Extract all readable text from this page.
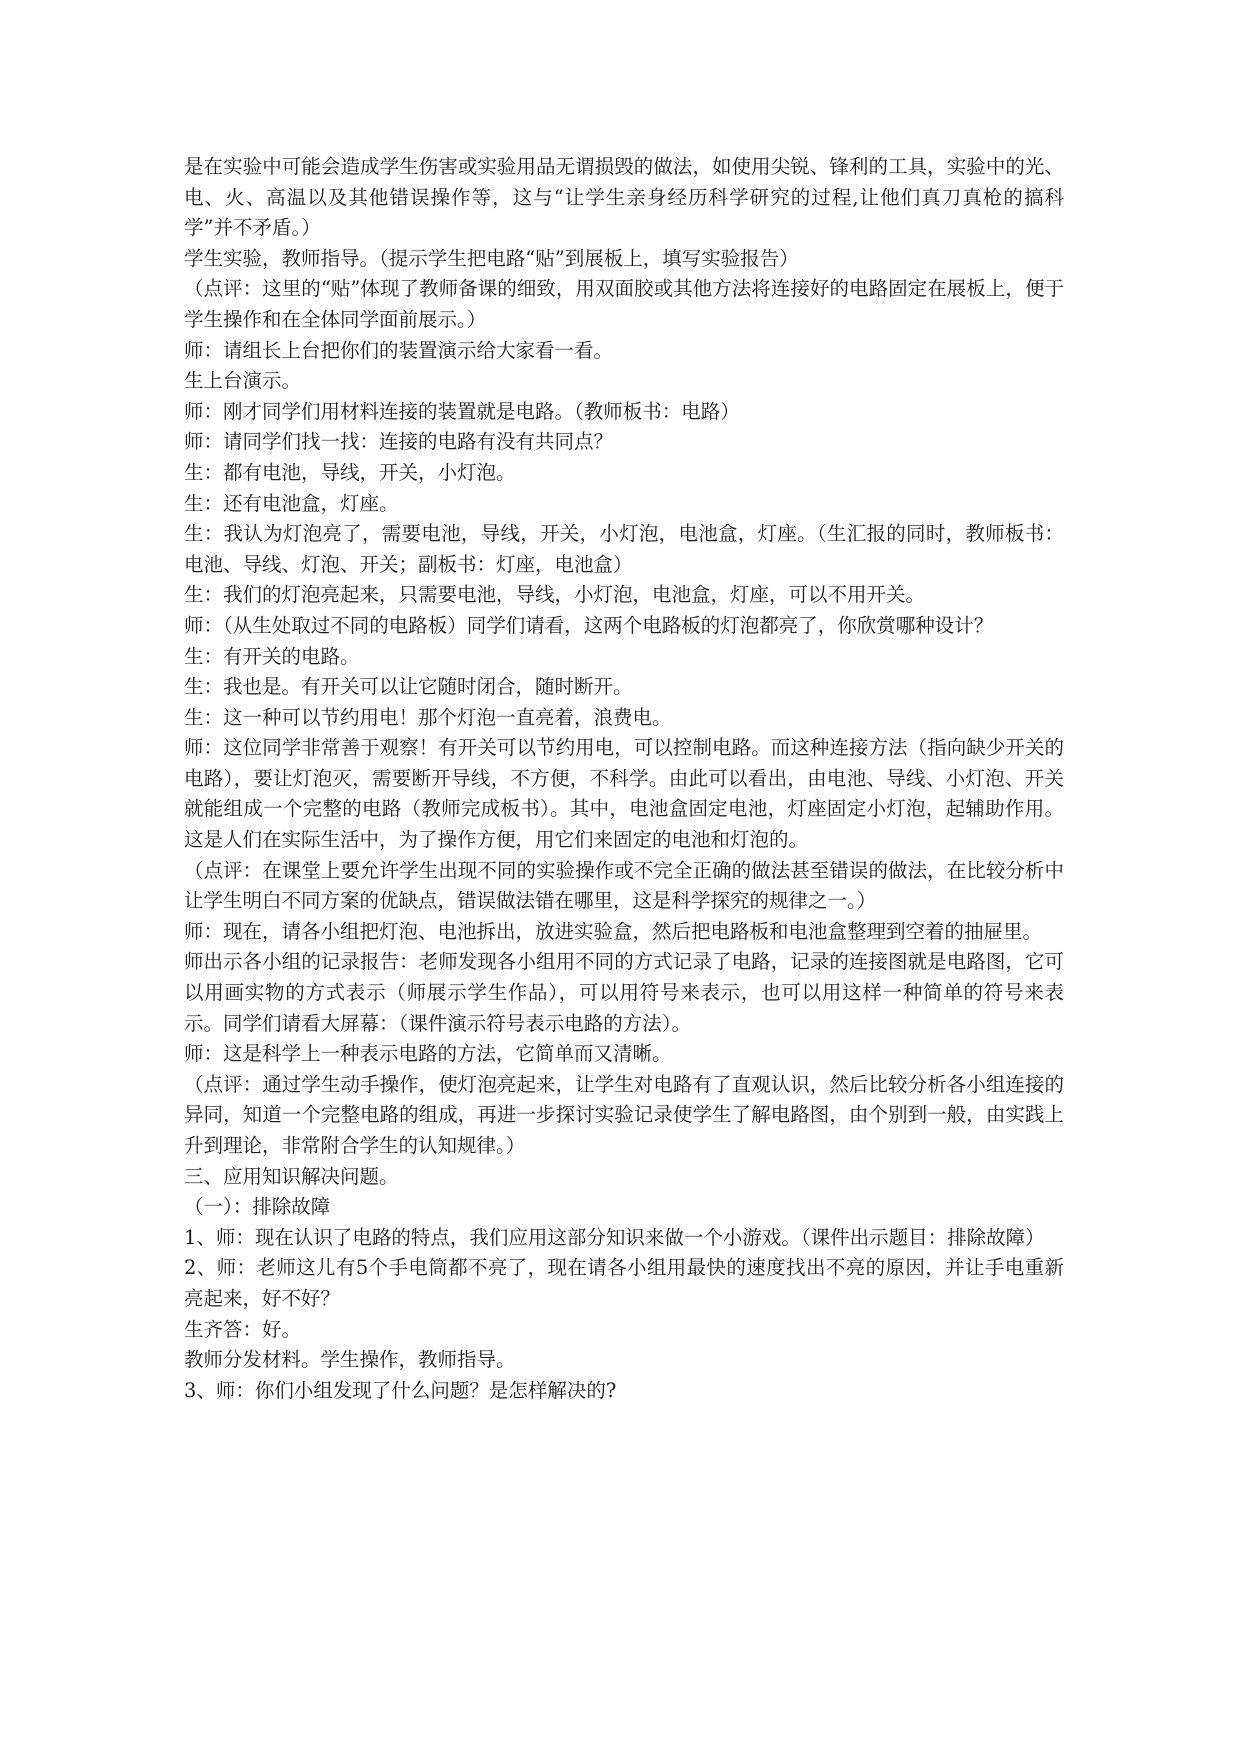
是在实验中可能会造成学生伤害或实验用品无谓损毁的做法，如使用尖锐、锋利的工具，实验中的光、电、火、高温以及其他错误操作等，这与“让学生亲身经历科学研究的过程,让他们真刀真枪的搞科学”并不矛盾。）

学生实验，教师指导。（提示学生把电路“贴”到展板上，填写实验报告）

（点评：这里的“贴”体现了教师备课的细致，用双面胶或其他方法将连接好的电路固定在展板上，便于学生操作和在全体同学面前展示。）

师：请组长上台把你们的装置演示给大家看一看。

生上台演示。

师：刚才同学们用材料连接的装置就是电路。（教师板书：电路）

师：请同学们找一找：连接的电路有没有共同点？

生：都有电池，导线，开关，小灯泡。

生：还有电池盒，灯座。

生：我认为灯泡亮了，需要电池，导线，开关，小灯泡，电池盒，灯座。（生汇报的同时，教师板书：电池、导线、灯泡、开关；副板书：灯座，电池盒）

生：我们的灯泡亮起来，只需要电池，导线，小灯泡，电池盒，灯座，可以不用开关。

师：（从生处取过不同的电路板）同学们请看，这两个电路板的灯泡都亮了，你欣赏哪种设计？

生：有开关的电路。

生：我也是。有开关可以让它随时闭合，随时断开。

生：这一种可以节约用电！那个灯泡一直亮着，浪费电。

师：这位同学非常善于观察！有开关可以节约用电，可以控制电路。而这种连接方法（指向缺少开关的电路），要让灯泡灭，需要断开导线，不方便，不科学。由此可以看出，由电池、导线、小灯泡、开关就能组成一个完整的电路（教师完成板书）。其中，电池盒固定电池，灯座固定小灯泡，起辅助作用。这是人们在实际生活中，为了操作方便，用它们来固定的电池和灯泡的。

（点评：在课堂上要允许学生出现不同的实验操作或不完全正确的做法甚至错误的做法，在比较分析中让学生明白不同方案的优缺点，错误做法错在哪里，这是科学探究的规律之一。）

师：现在，请各小组把灯泡、电池拆出，放进实验盒，然后把电路板和电池盒整理到空着的抽屉里。

师出示各小组的记录报告：老师发现各小组用不同的方式记录了电路，记录的连接图就是电路图，它可以用画实物的方式表示（师展示学生作品），可以用符号来表示，也可以用这样一种简单的符号来表示。同学们请看大屏幕：（课件演示符号表示电路的方法）。

师：这是科学上一种表示电路的方法，它简单而又清晰。

（点评：通过学生动手操作，使灯泡亮起来，让学生对电路有了直观认识，然后比较分析各小组连接的异同，知道一个完整电路的组成，再进一步探讨实验记录使学生了解电路图，由个别到一般，由实践上升到理论，非常附合学生的认知规律。）

三、应用知识解决问题。

（一）：排除故障

1、师：现在认识了电路的特点，我们应用这部分知识来做一个小游戏。（课件出示题目：排除故障）

2、师：老师这儿有5个手电筒都不亮了，现在请各小组用最快的速度找出不亮的原因，并让手电重新亮起来，好不好？

生齐答：好。

教师分发材料。学生操作，教师指导。

3、师：你们小组发现了什么问题？是怎样解决的?
